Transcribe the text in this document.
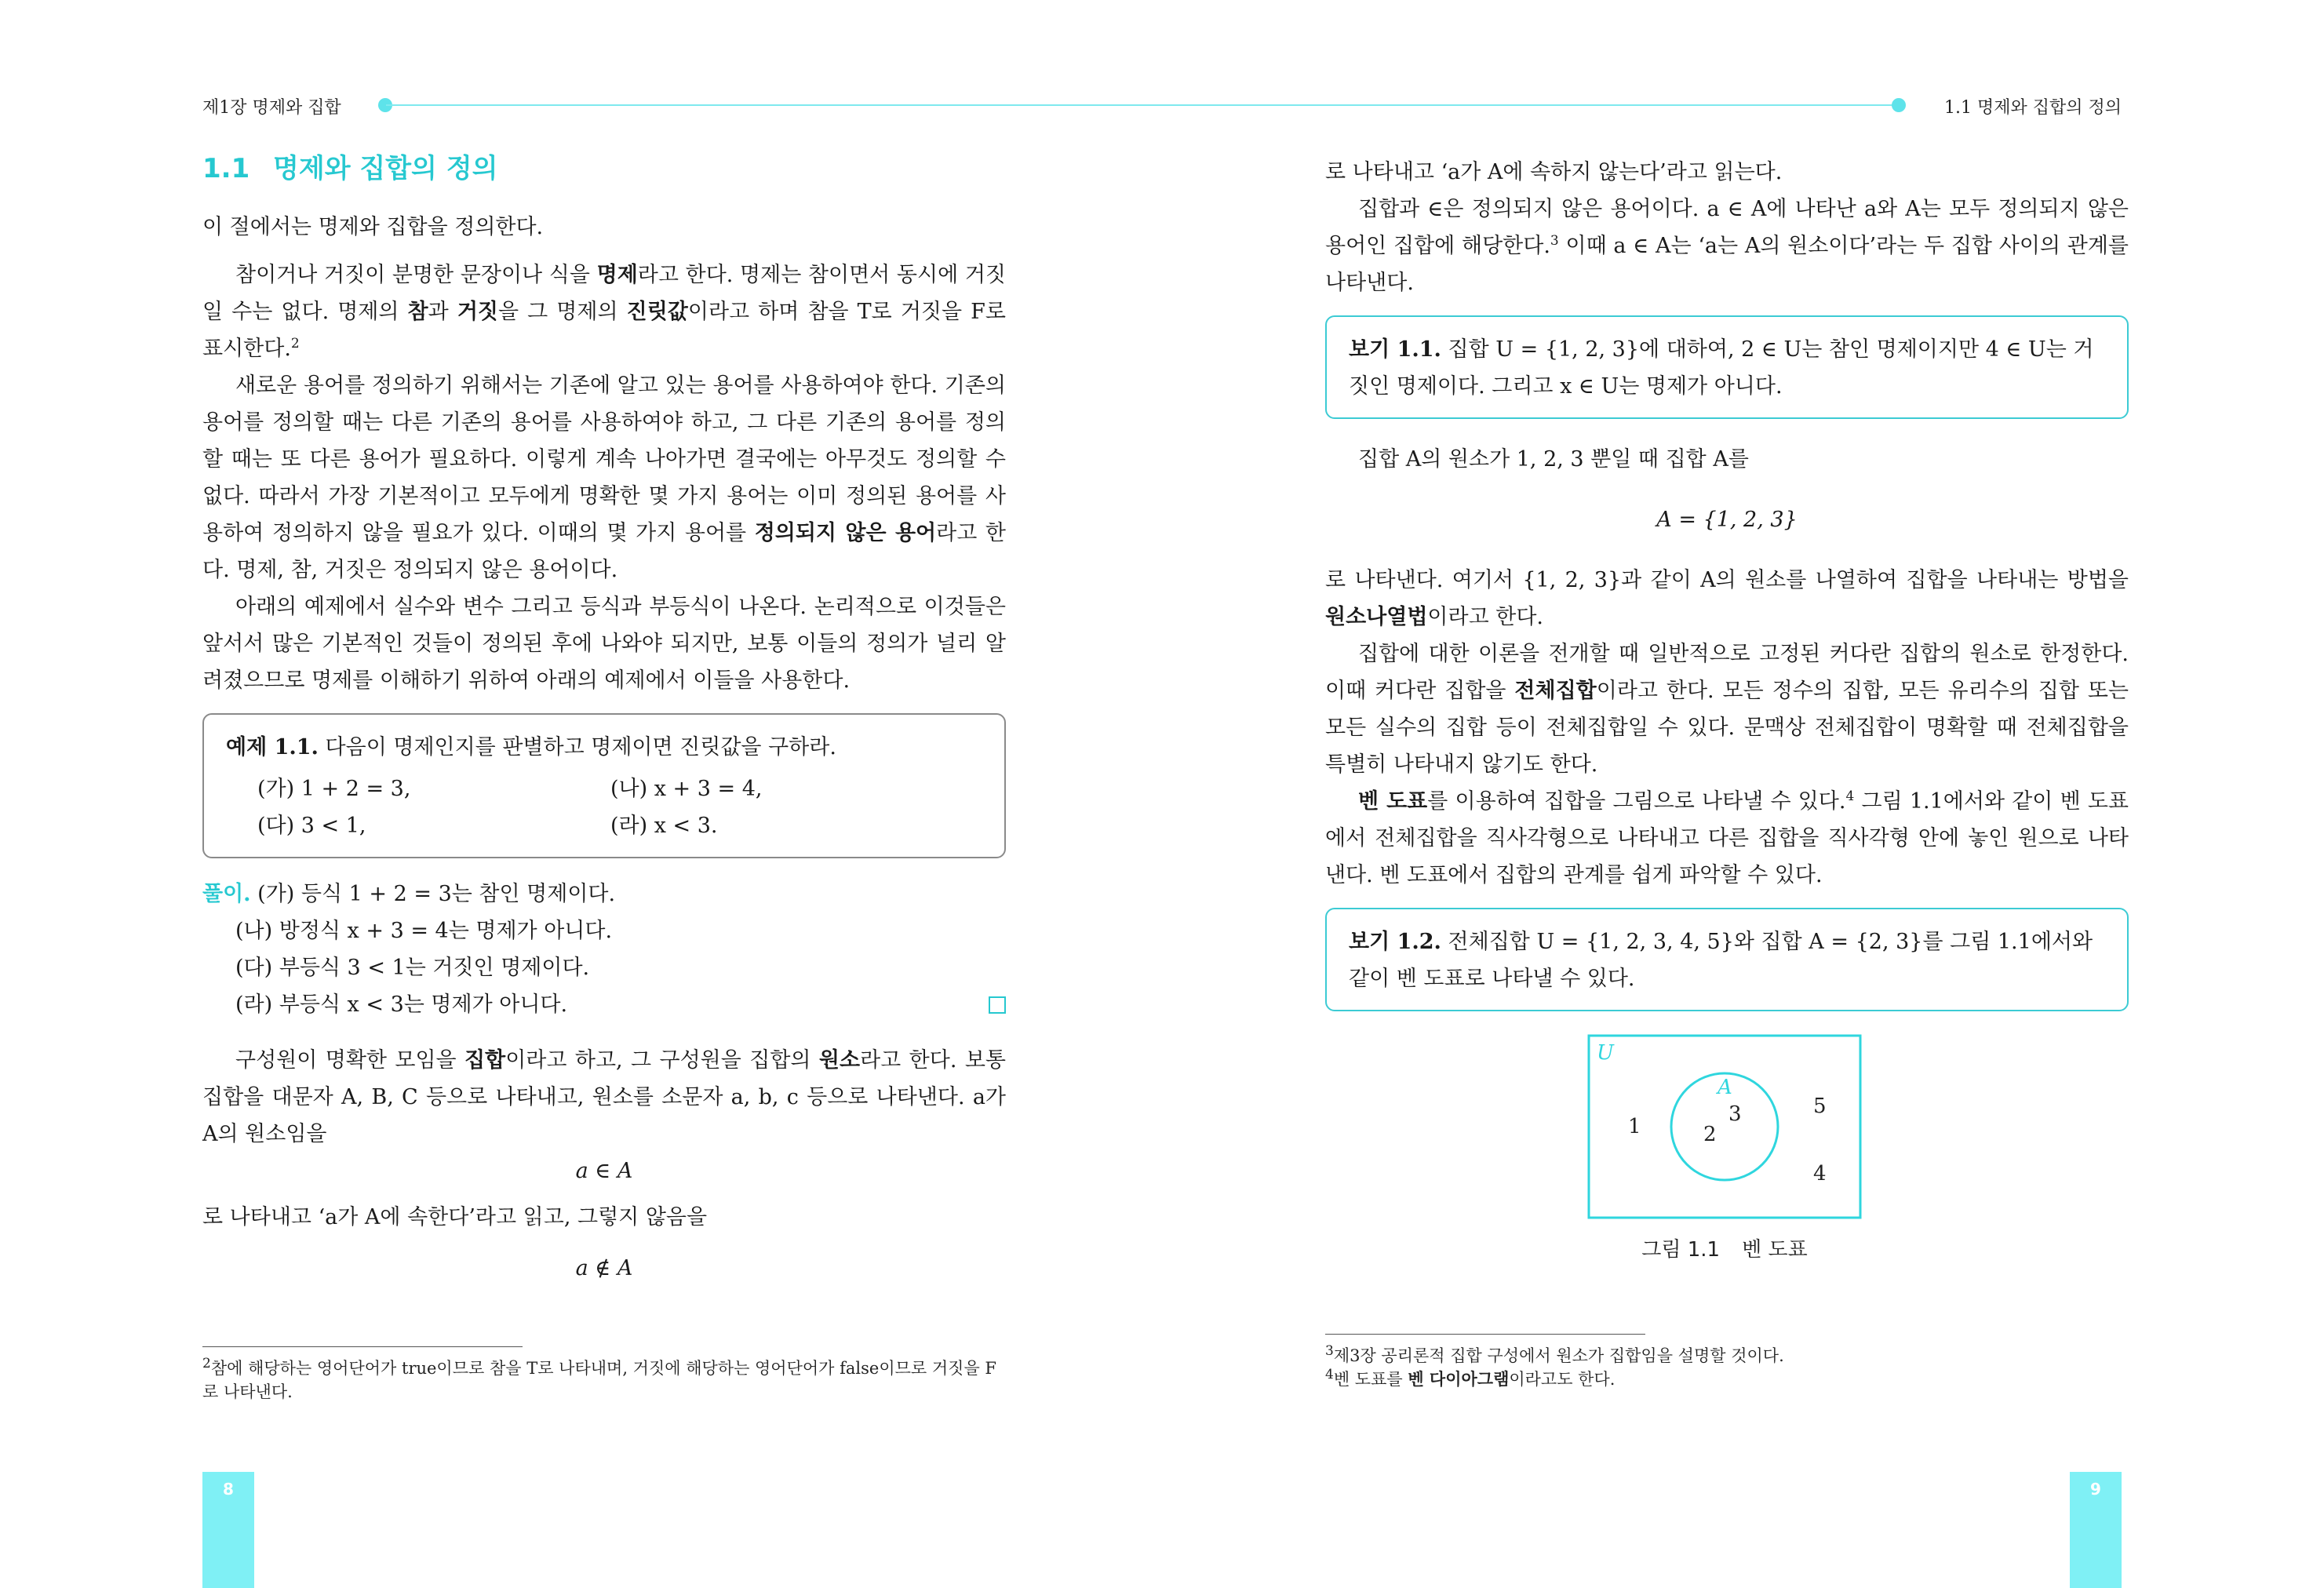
제1장 명제와 집합
1.1 명제와 집합의 정의

이 절에서는 명제와 집합을 정의한다.

참이거나 거짓이 분명한 문장이나 식을 명제라고 한다. 명제는 참이면서 동시에 거짓일 수는 없다. 명제의 참과 거짓을 그 명제의 진릿값이라고 하며 참을 T로 거짓을 F로 표시한다.$^2$

새로운 용어를 정의하기 위해서는 기존에 알고 있는 용어를 사용하여야 한다. 기존의 용어를 정의할 때는 다른 기존의 용어를 사용하여야 하고, 그 다른 기존의 용어를 정의할 때는 또 다른 용어가 필요하다. 이렇게 계속 나아가면 결국에는 아무것도 정의할 수 없다. 따라서 가장 기본적이고 모두에게 명확한 몇 가지 용어는 이미 정의된 용어를 사용하여 정의하지 않을 필요가 있다. 이때의 몇 가지 용어를 정의되지 않은 용어라고 한다. 명제, 참, 거짓은 정의되지 않은 용어이다.

아래의 예제에서 실수와 변수 그리고 등식과 부등식이 나온다. 논리적으로 이것들은 앞서서 많은 기본적인 것들이 정의된 후에 나와야 되지만, 보통 이들의 정의가 널리 알려졌으므로 명제를 이해하기 위하여 아래의 예제에서 이들을 사용한다.

예제 1.1. 다음이 명제인지를 판별하고 명제이면 진릿값을 구하라.
(가) 1 + 2 = 3,	(나) x + 3 = 4,
(다) 3 < 1,	(라) x < 3.
풀이. (가) 등식 1 + 2 = 3는 참인 명제이다.
(나) 방정식 x + 3 = 4는 명제가 아니다.
(다) 부등식 3 < 1는 거짓인 명제이다.
(라) 부등식 x < 3는 명제가 아니다.

구성원이 명확한 모임을 집합이라고 하고, 그 구성원을 집합의 원소라고 한다. 보통 집합을 대문자 A, B, C 등으로 나타내고, 원소를 소문자 a, b, c 등으로 나타낸다. a가 A의 원소임을

a ∈ A

로 나타내고 ‘a가 A에 속한다’라고 읽고, 그렇지 않음을

a ∉ A
$^2$참에 해당하는 영어단어가 true이므로 참을 T로 나타내며, 거짓에 해당하는 영어단어가 false이므로 거짓을 F로 나타낸다.
8
1.1 명제와 집합의 정의

로 나타내고 ‘a가 A에 속하지 않는다’라고 읽는다.

집합과 ∈은 정의되지 않은 용어이다. a ∈ A에 나타난 a와 A는 모두 정의되지 않은 용어인 집합에 해당한다.$^3$ 이때 a ∈ A는 ‘a는 A의 원소이다’라는 두 집합 사이의 관계를 나타낸다.

보기 1.1. 집합 U = {1, 2, 3}에 대하여, 2 ∈ U는 참인 명제이지만 4 ∈ U는 거짓인 명제이다. 그리고 x ∈ U는 명제가 아니다.

집합 A의 원소가 1, 2, 3 뿐일 때 집합 A를

A = {1, 2, 3}

로 나타낸다. 여기서 {1, 2, 3}과 같이 A의 원소를 나열하여 집합을 나타내는 방법을 원소나열법이라고 한다.

집합에 대한 이론을 전개할 때 일반적으로 고정된 커다란 집합의 원소로 한정한다. 이때 커다란 집합을 전체집합이라고 한다. 모든 정수의 집합, 모든 유리수의 집합 또는 모든 실수의 집합 등이 전체집합일 수 있다. 문맥상 전체집합이 명확할 때 전체집합을 특별히 나타내지 않기도 한다.

벤 도표를 이용하여 집합을 그림으로 나타낼 수 있다.$^4$ 그림 1.1에서와 같이 벤 도표에서 전체집합을 직사각형으로 나타내고 다른 집합을 직사각형 안에 놓인 원으로 나타낸다. 벤 도표에서 집합의 관계를 쉽게 파악할 수 있다.

보기 1.2. 전체집합 U = {1, 2, 3, 4, 5}와 집합 A = {2, 3}를 그림 1.1에서와 같이 벤 도표로 나타낼 수 있다.
U
A
2
3
1
5
4
그림 1.1 벤 도표
$^3$제3장 공리론적 집합 구성에서 원소가 집합임을 설명할 것이다.
$^4$벤 도표를 벤 다이아그램이라고도 한다.
9
